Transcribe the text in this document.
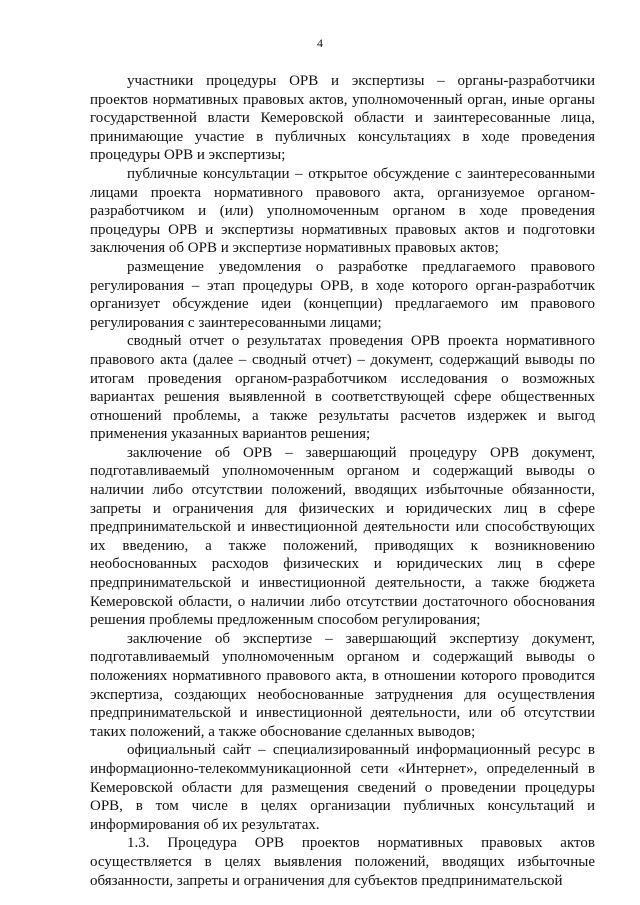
4

участники процедуры ОРВ и экспертизы – органы-разработчики проектов нормативных правовых актов, уполномоченный орган, иные органы государственной власти Кемеровской области и заинтересованные лица, принимающие участие в публичных консультациях в ходе проведения процедуры ОРВ и экспертизы;

публичные консультации – открытое обсуждение с заинтересованными лицами проекта нормативного правового акта, организуемое органом-разработчиком и (или) уполномоченным органом в ходе проведения процедуры ОРВ и экспертизы нормативных правовых актов и подготовки заключения об ОРВ и экспертизе нормативных правовых актов;

размещение уведомления о разработке предлагаемого правового регулирования – этап процедуры ОРВ, в ходе которого орган-разработчик организует обсуждение идеи (концепции) предлагаемого им правового регулирования с заинтересованными лицами;

сводный отчет о результатах проведения ОРВ проекта нормативного правового акта (далее – сводный отчет) – документ, содержащий выводы по итогам проведения органом-разработчиком исследования о возможных вариантах решения выявленной в соответствующей сфере общественных отношений проблемы, а также результаты расчетов издержек и выгод применения указанных вариантов решения;

заключение об ОРВ – завершающий процедуру ОРВ документ, подготавливаемый уполномоченным органом и содержащий выводы о наличии либо отсутствии положений, вводящих избыточные обязанности, запреты и ограничения для физических и юридических лиц в сфере предпринимательской и инвестиционной деятельности или способствующих их введению, а также положений, приводящих к возникновению необоснованных расходов физических и юридических лиц в сфере предпринимательской и инвестиционной деятельности, а также бюджета Кемеровской области, о наличии либо отсутствии достаточного обоснования решения проблемы предложенным способом регулирования;

заключение об экспертизе – завершающий экспертизу документ, подготавливаемый уполномоченным органом и содержащий выводы о положениях нормативного правового акта, в отношении которого проводится экспертиза, создающих необоснованные затруднения для осуществления предпринимательской и инвестиционной деятельности, или об отсутствии таких положений, а также обоснование сделанных выводов;

официальный сайт – специализированный информационный ресурс в информационно-телекоммуникационной сети «Интернет», определенный в Кемеровской области для размещения сведений о проведении процедуры ОРВ, в том числе в целях организации публичных консультаций и информирования об их результатах.

1.3. Процедура ОРВ проектов нормативных правовых актов осуществляется в целях выявления положений, вводящих избыточные обязанности, запреты и ограничения для субъектов предпринимательской
